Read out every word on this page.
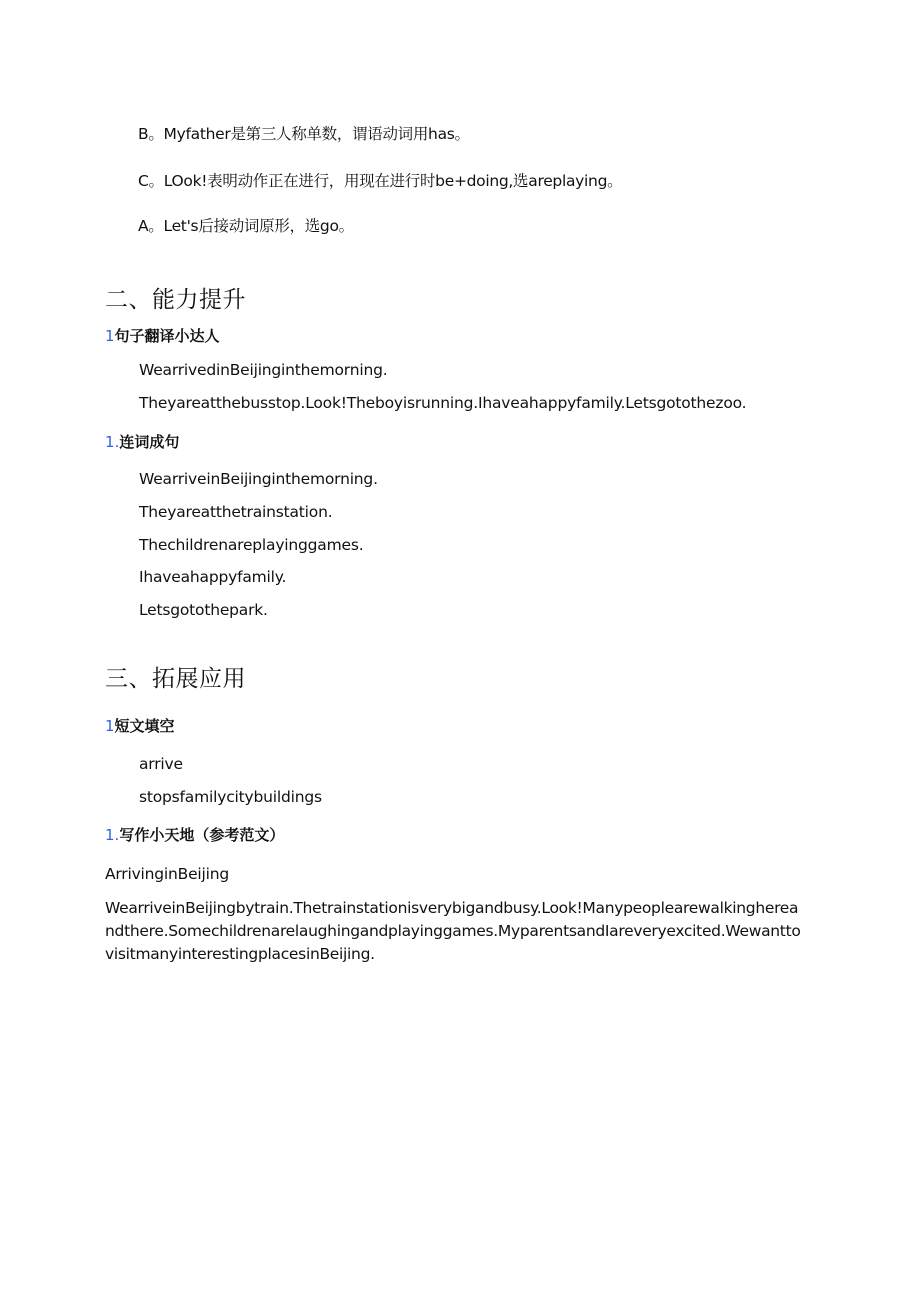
B。Myfather是第三人称单数，谓语动词用has。
C。LOok!表明动作正在进行，用现在进行时be+doing,选areplaying。
A。Let's后接动词原形，选go。
二、能力提升
1句子翻译小达人
WearrivedinBeijinginthemorning.
Theyareatthebusstop.Look!Theboyisrunning.Ihaveahappyfamily.Letsgotothezoo.
1.连词成句
WearriveinBeijinginthemorning.
Theyareatthetrainstation.
Thechildrenareplayinggames.
Ihaveahappyfamily.
Letsgotothepark.
三、拓展应用
1短文填空
arrive
stopsfamilycitybuildings
1.写作小天地（参考范文）
ArrivinginBeijing
WearriveinBeijingbytrain.Thetrainstationisverybigandbusy.Look!Manypeoplearewalkinghereandthere.Somechildrenarelaughingandplayinggames.MyparentsandIareveryexcited.WewanttovisitmanyinterestingplacesinBeijing.
